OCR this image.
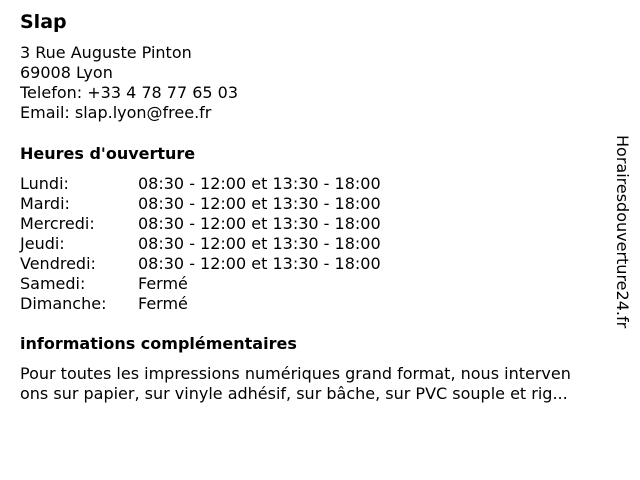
Slap
3 Rue Auguste Pinton
69008 Lyon
Telefon: +33 4 78 77 65 03
Email: slap.lyon@free.fr
Heures d'ouverture
Lundi:	08:30 - 12:00 et 13:30 - 18:00
Mardi:	08:30 - 12:00 et 13:30 - 18:00
Mercredi:	08:30 - 12:00 et 13:30 - 18:00
Jeudi:	08:30 - 12:00 et 13:30 - 18:00
Vendredi:	08:30 - 12:00 et 13:30 - 18:00
Samedi:	Fermé
Dimanche: Fermé
informations complémentaires
Pour toutes les impressions numériques grand format, nous interven
ons sur papier, sur vinyle adhésif, sur bâche, sur PVC souple et rig...
Horairesdouverture24.fr
